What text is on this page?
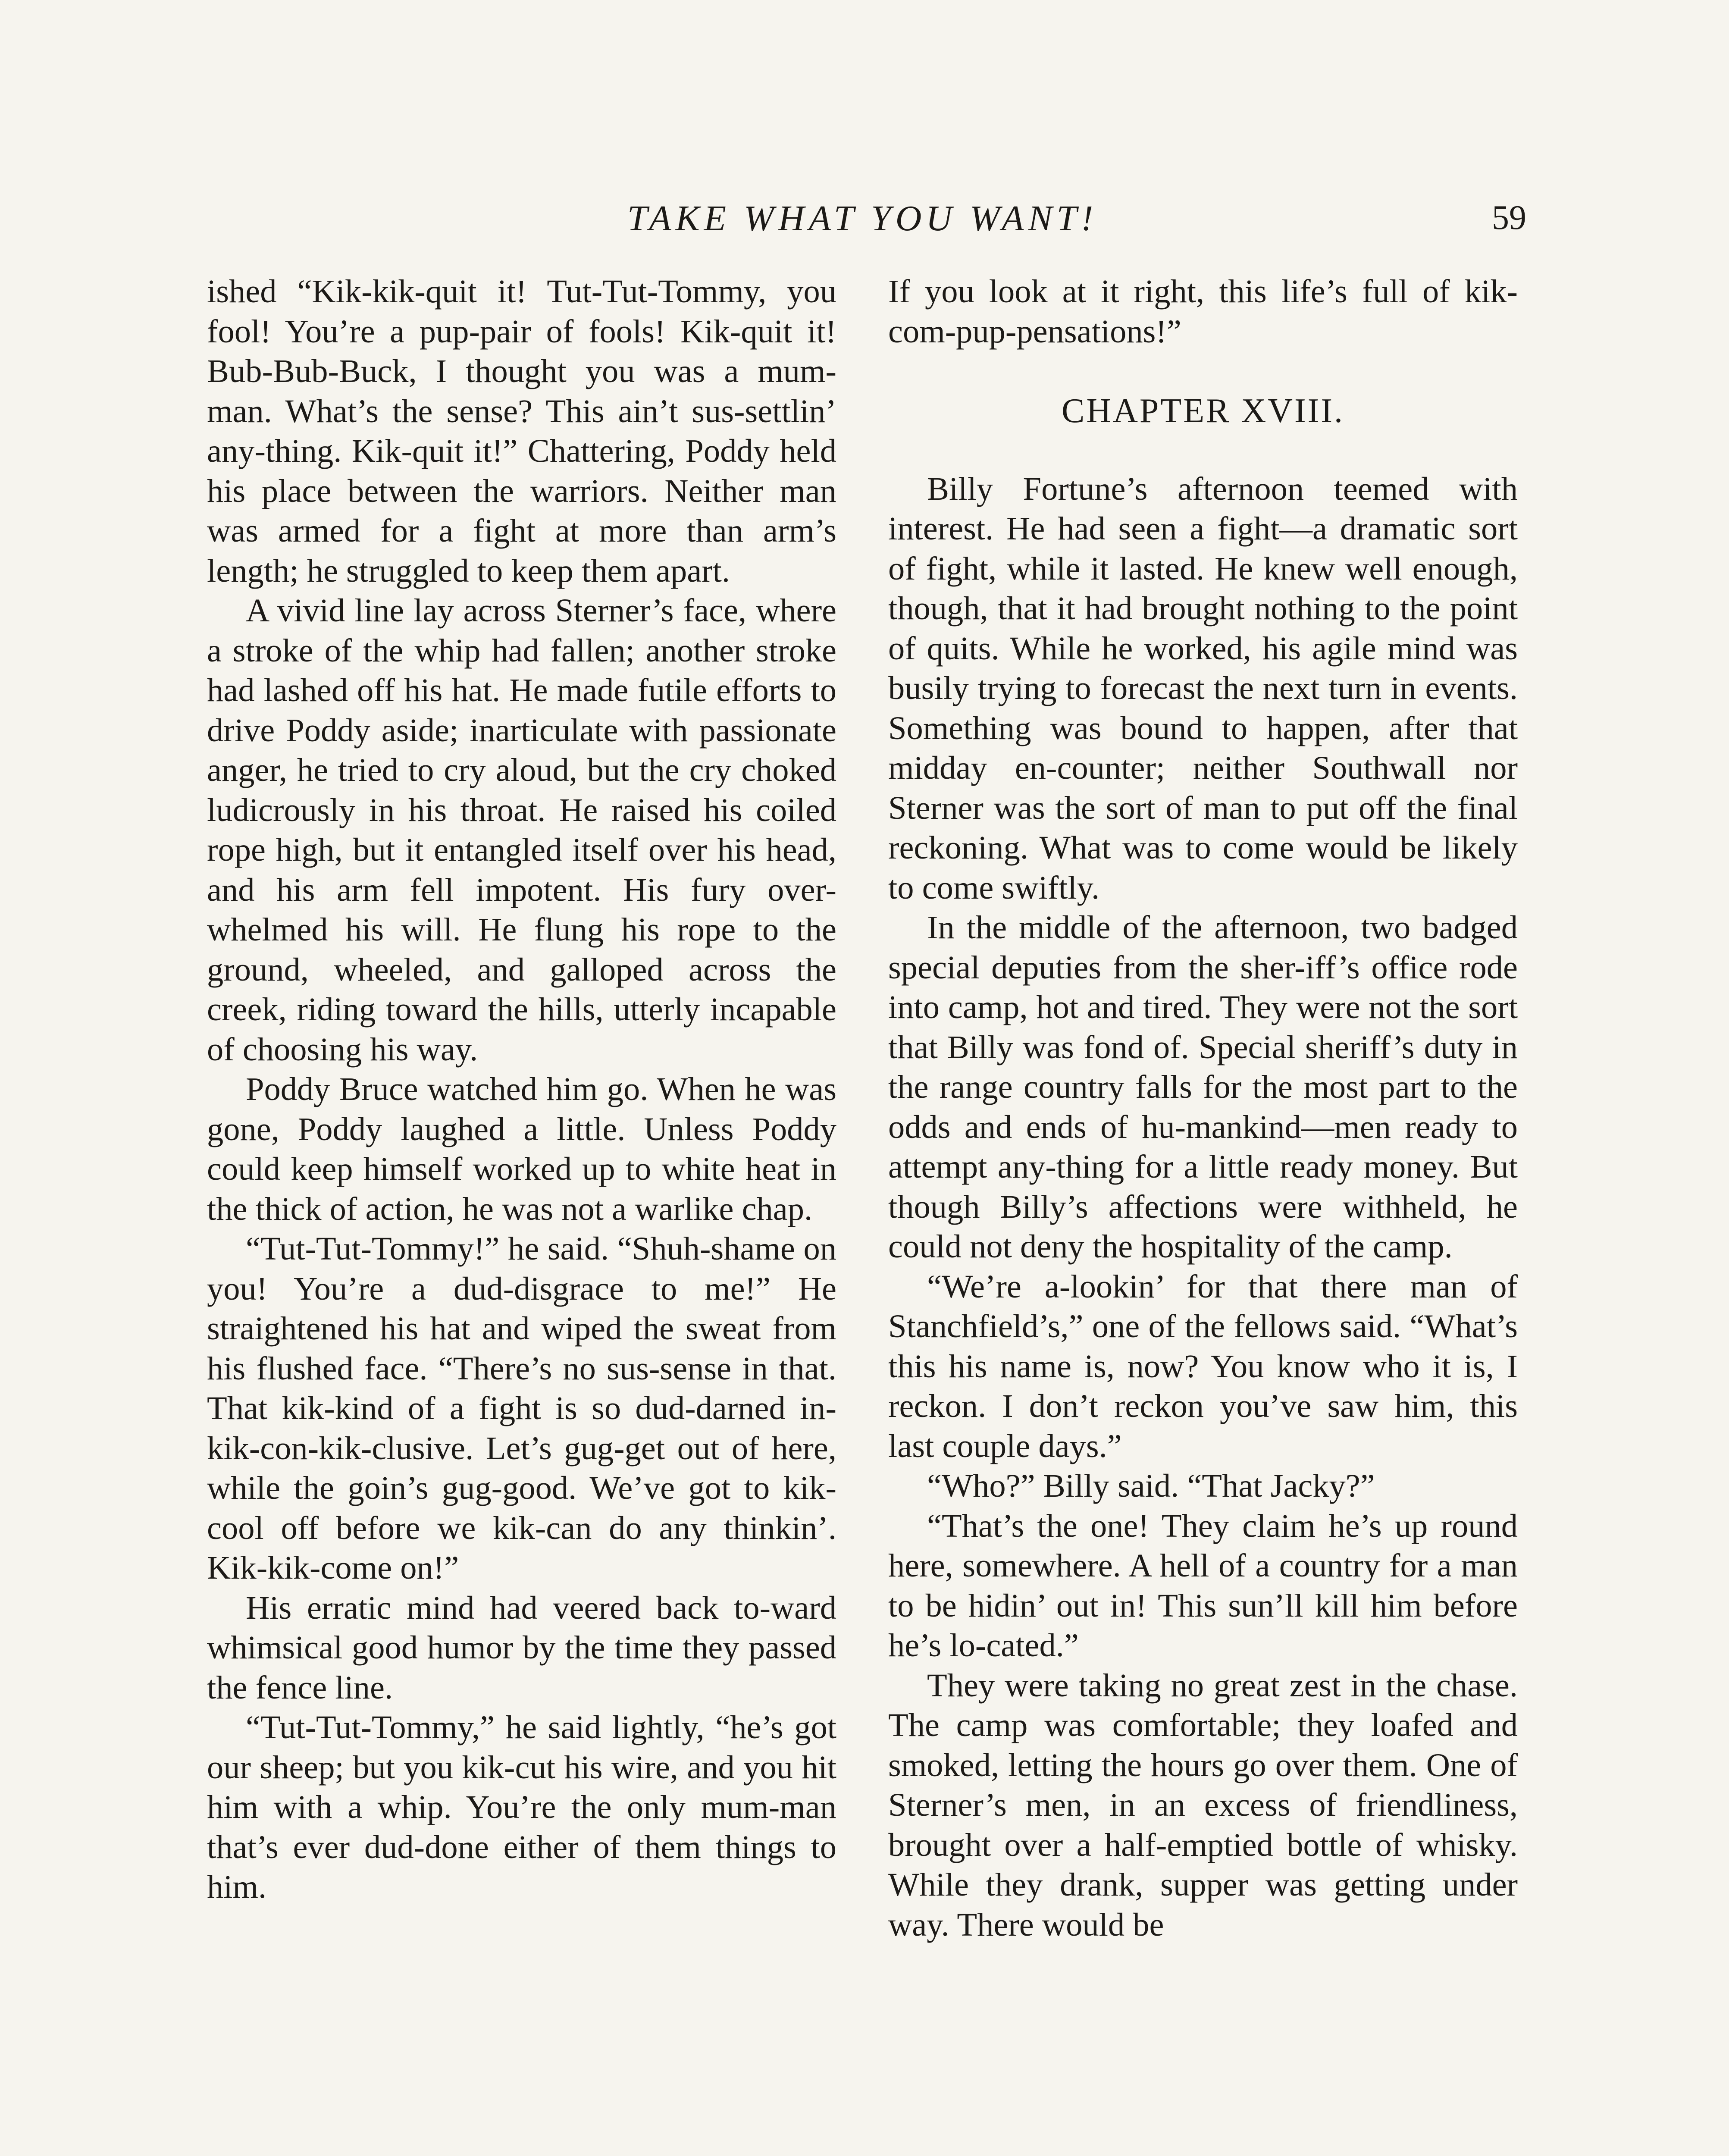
TAKE WHAT YOU WANT!	59

ished “Kik-kik-quit it! Tut-Tut-Tommy, you fool! You’re a pup-pair of fools! Kik-quit it! Bub-Bub-Buck, I thought you was a mum-man. What’s the sense? This ain’t sus-settlin’ any-thing. Kik-quit it!” Chattering, Poddy held his place between the warriors. Neither man was armed for a fight at more than arm’s length; he struggled to keep them apart.

A vivid line lay across Sterner’s face, where a stroke of the whip had fallen; another stroke had lashed off his hat. He made futile efforts to drive Poddy aside; inarticulate with passionate anger, he tried to cry aloud, but the cry choked ludicrously in his throat. He raised his coiled rope high, but it entangled itself over his head, and his arm fell impotent. His fury over-whelmed his will. He flung his rope to the ground, wheeled, and galloped across the creek, riding toward the hills, utterly incapable of choosing his way.

Poddy Bruce watched him go. When he was gone, Poddy laughed a little. Unless Poddy could keep himself worked up to white heat in the thick of action, he was not a warlike chap.

“Tut-Tut-Tommy!” he said. “Shuh-shame on you! You’re a dud-disgrace to me!” He straightened his hat and wiped the sweat from his flushed face. “There’s no sus-sense in that. That kik-kind of a fight is so dud-darned in-kik-con-kik-clusive. Let’s gug-get out of here, while the goin’s gug-good. We’ve got to kik-cool off before we kik-can do any thinkin’. Kik-kik-come on!”

His erratic mind had veered back to-ward whimsical good humor by the time they passed the fence line.

“Tut-Tut-Tommy,” he said lightly, “he’s got our sheep; but you kik-cut his wire, and you hit him with a whip. You’re the only mum-man that’s ever dud-done either of them things to him.

If you look at it right, this life’s full of kik-com-pup-pensations!”

CHAPTER XVIII.

Billy Fortune’s afternoon teemed with interest. He had seen a fight—a dramatic sort of fight, while it lasted. He knew well enough, though, that it had brought nothing to the point of quits. While he worked, his agile mind was busily trying to forecast the next turn in events. Something was bound to happen, after that midday en-counter; neither Southwall nor Sterner was the sort of man to put off the final reckoning. What was to come would be likely to come swiftly.

In the middle of the afternoon, two badged special deputies from the sher-iff’s office rode into camp, hot and tired. They were not the sort that Billy was fond of. Special sheriff’s duty in the range country falls for the most part to the odds and ends of hu-mankind—men ready to attempt any-thing for a little ready money. But though Billy’s affections were withheld, he could not deny the hospitality of the camp.

“We’re a-lookin’ for that there man of Stanchfield’s,” one of the fellows said. “What’s this his name is, now? You know who it is, I reckon. I don’t reckon you’ve saw him, this last couple days.”

“Who?” Billy said. “That Jacky?”

“That’s the one! They claim he’s up round here, somewhere. A hell of a country for a man to be hidin’ out in! This sun’ll kill him before he’s lo-cated.”

They were taking no great zest in the chase. The camp was comfortable; they loafed and smoked, letting the hours go over them. One of Sterner’s men, in an excess of friendliness, brought over a half-emptied bottle of whisky. While they drank, supper was getting under way. There would be
